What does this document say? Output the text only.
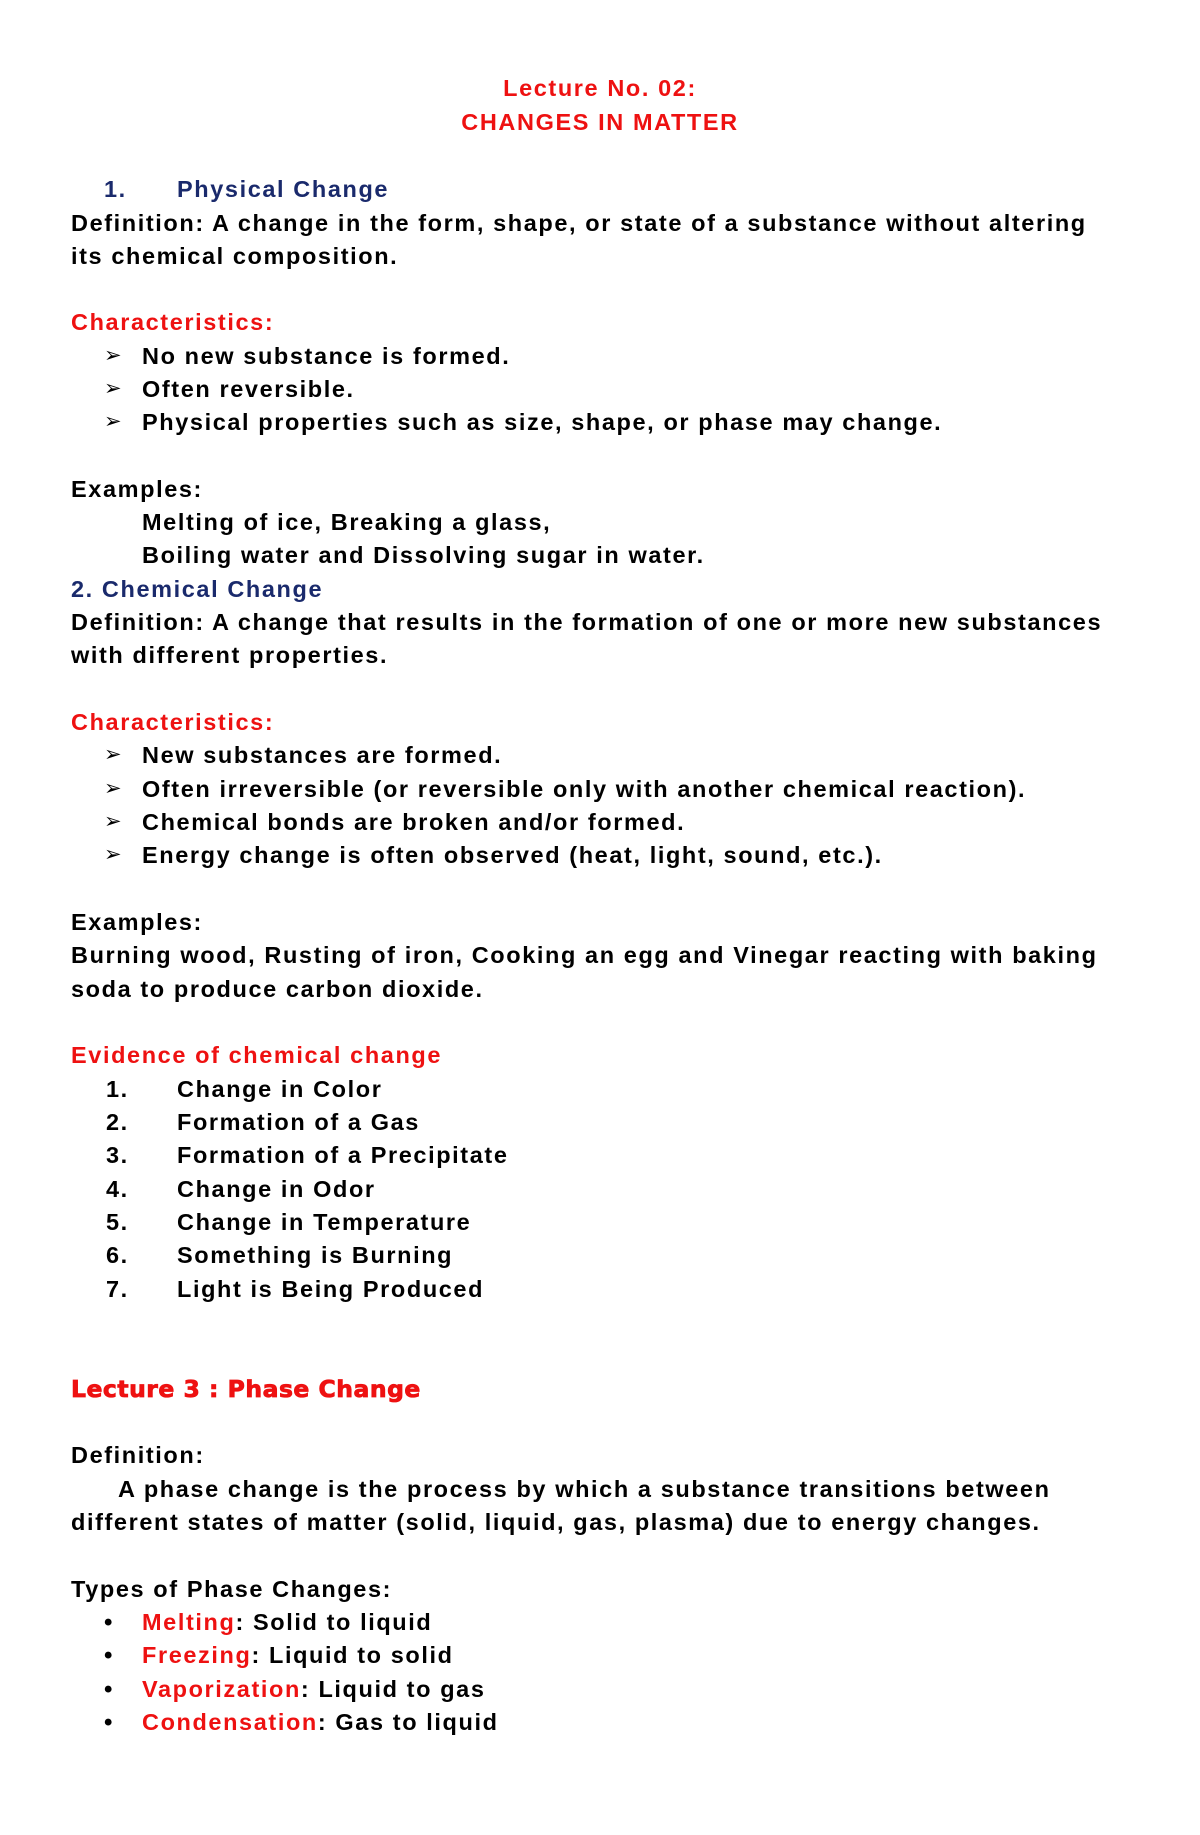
Lecture No. 02:
CHANGES IN MATTER
1. Physical Change
Definition: A change in the form, shape, or state of a substance without altering
its chemical composition.
Characteristics:
➢ No new substance is formed.
➢ Often reversible.
➢ Physical properties such as size, shape, or phase may change.
Examples:
Melting of ice, Breaking a glass,
Boiling water and Dissolving sugar in water.
2. Chemical Change
Definition: A change that results in the formation of one or more new substances
with different properties.
Characteristics:
➢ New substances are formed.
➢ Often irreversible (or reversible only with another chemical reaction).
➢ Chemical bonds are broken and/or formed.
➢ Energy change is often observed (heat, light, sound, etc.).
Examples:
Burning wood, Rusting of iron, Cooking an egg and Vinegar reacting with baking
soda to produce carbon dioxide.
Evidence of chemical change
1. Change in Color
2. Formation of a Gas
3. Formation of a Precipitate
4. Change in Odor
5. Change in Temperature
6. Something is Burning
7. Light is Being Produced
Lecture 3 : Phase Change
Definition:
A phase change is the process by which a substance transitions between
different states of matter (solid, liquid, gas, plasma) due to energy changes.
Types of Phase Changes:
• Melting: Solid to liquid
• Freezing: Liquid to solid
• Vaporization: Liquid to gas
• Condensation: Gas to liquid
